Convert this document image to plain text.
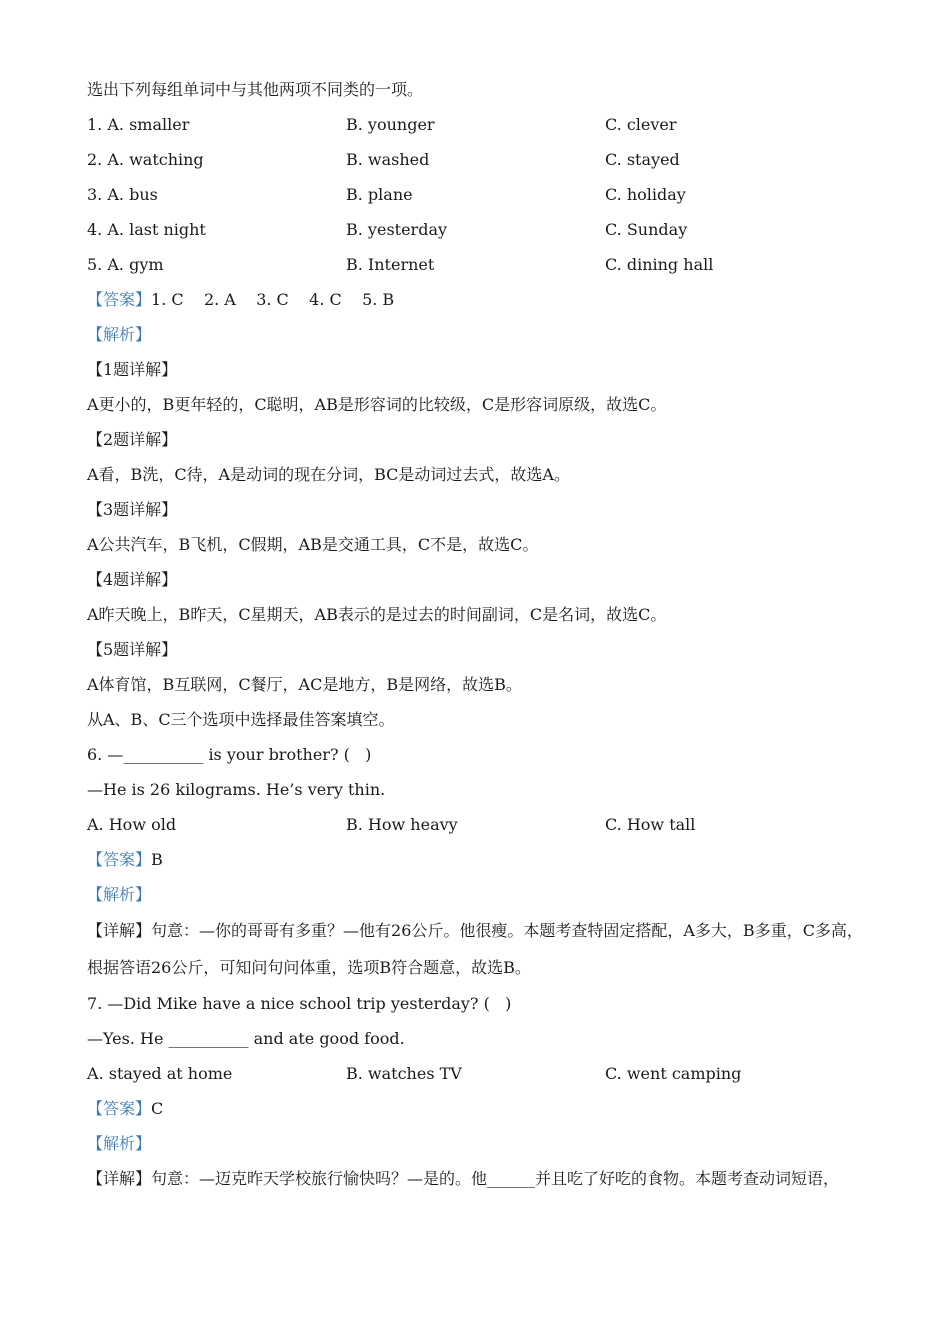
选出下列每组单词中与其他两项不同类的一项。
1. A. smaller	B. younger	C. clever
2. A. watching	B. washed	C. stayed
3. A. bus	B. plane	C. holiday
4. A. last night	B. yesterday	C. Sunday
5. A. gym	B. Internet	C. dining hall
【答案】1. C    2. A    3. C    4. C    5. B
【解析】
【1题详解】
A更小的，B更年轻的，C聪明，AB是形容词的比较级，C是形容词原级，故选C。
【2题详解】
A看，B洗，C待，A是动词的现在分词，BC是动词过去式，故选A。
【3题详解】
A公共汽车，B飞机，C假期，AB是交通工具，C不是，故选C。
【4题详解】
A昨天晚上，B昨天，C星期天，AB表示的是过去的时间副词，C是名词，故选C。
【5题详解】
A体育馆，B互联网，C餐厅，AC是地方，B是网络，故选B。
从A、B、C三个选项中选择最佳答案填空。
6. —__________ is your brother? (   )
—He is 26 kilograms. He’s very thin.
A. How old	B. How heavy	C. How tall
【答案】B
【解析】
【详解】句意：—你的哥哥有多重？—他有26公斤。他很瘦。本题考查特固定搭配，A多大，B多重，C多高，根据答语26公斤，可知问句问体重，选项B符合题意，故选B。
7. —Did Mike have a nice school trip yesterday? (   )
—Yes. He __________ and ate good food.
A. stayed at home	B. watches TV	C. went camping
【答案】C
【解析】
【详解】句意：—迈克昨天学校旅行愉快吗？—是的。他______并且吃了好吃的食物。本题考查动词短语，
